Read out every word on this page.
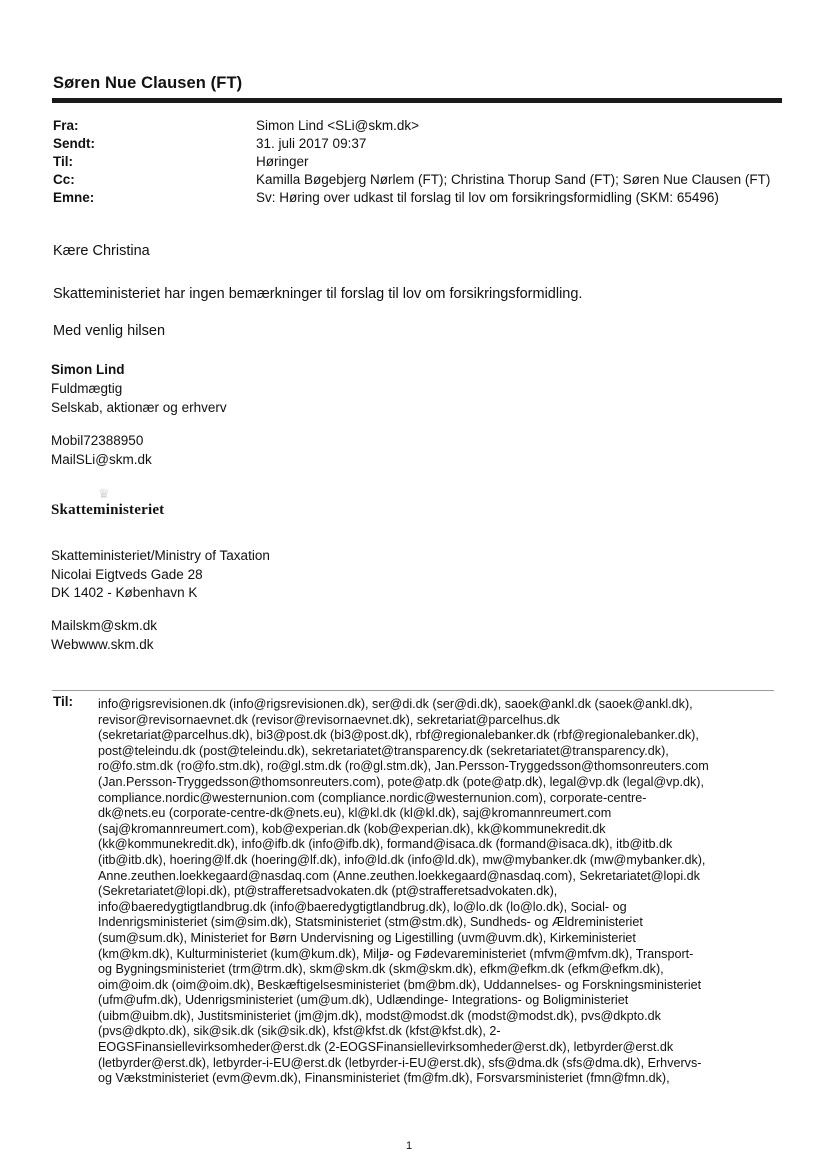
Søren Nue Clausen (FT)
Fra:	Simon Lind <SLi@skm.dk>
Sendt:	31. juli 2017 09:37
Til:	Høringer
Cc:	Kamilla Bøgebjerg Nørlem (FT); Christina Thorup Sand (FT); Søren Nue Clausen (FT)
Emne:	Sv: Høring over udkast til forslag til lov om forsikringsformidling (SKM: 65496)
Kære Christina
Skatteministeriet har ingen bemærkninger til forslag til lov om forsikringsformidling.
Med venlig hilsen
Simon Lind
Fuldmægtig
Selskab, aktionær og erhverv
Mobil72388950
MailSLi@skm.dk
♛
Skatteministeriet
Skatteministeriet/Ministry of Taxation
Nicolai Eigtveds Gade 28
DK 1402 - København K
Mailskm@skm.dk
Webwww.skm.dk
Til: info@rigsrevisionen.dk (info@rigsrevisionen.dk), ser@di.dk (ser@di.dk), saoek@ankl.dk (saoek@ankl.dk),
revisor@revisornaevnet.dk (revisor@revisornaevnet.dk), sekretariat@parcelhus.dk
(sekretariat@parcelhus.dk), bi3@post.dk (bi3@post.dk), rbf@regionalebanker.dk (rbf@regionalebanker.dk),
post@teleindu.dk (post@teleindu.dk), sekretariatet@transparency.dk (sekretariatet@transparency.dk),
ro@fo.stm.dk (ro@fo.stm.dk), ro@gl.stm.dk (ro@gl.stm.dk), Jan.Persson-Tryggedsson@thomsonreuters.com
(Jan.Persson-Tryggedsson@thomsonreuters.com), pote@atp.dk (pote@atp.dk), legal@vp.dk (legal@vp.dk),
compliance.nordic@westernunion.com (compliance.nordic@westernunion.com), corporate-centre-
dk@nets.eu (corporate-centre-dk@nets.eu), kl@kl.dk (kl@kl.dk), saj@kromannreumert.com
(saj@kromannreumert.com), kob@experian.dk (kob@experian.dk), kk@kommunekredit.dk
(kk@kommunekredit.dk), info@ifb.dk (info@ifb.dk), formand@isaca.dk (formand@isaca.dk), itb@itb.dk
(itb@itb.dk), hoering@lf.dk (hoering@lf.dk), info@ld.dk (info@ld.dk), mw@mybanker.dk (mw@mybanker.dk),
Anne.zeuthen.loekkegaard@nasdaq.com (Anne.zeuthen.loekkegaard@nasdaq.com), Sekretariatet@lopi.dk
(Sekretariatet@lopi.dk), pt@strafferetsadvokaten.dk (pt@strafferetsadvokaten.dk),
info@baeredygtigtlandbrug.dk (info@baeredygtigtlandbrug.dk), lo@lo.dk (lo@lo.dk), Social- og
Indenrigsministeriet (sim@sim.dk), Statsministeriet (stm@stm.dk), Sundheds- og Ældreministeriet
(sum@sum.dk), Ministeriet for Børn Undervisning og Ligestilling (uvm@uvm.dk), Kirkeministeriet
(km@km.dk), Kulturministeriet (kum@kum.dk), Miljø- og Fødevareministeriet (mfvm@mfvm.dk), Transport-
og Bygningsministeriet (trm@trm.dk), skm@skm.dk (skm@skm.dk), efkm@efkm.dk (efkm@efkm.dk),
oim@oim.dk (oim@oim.dk), Beskæftigelsesministeriet (bm@bm.dk), Uddannelses- og Forskningsministeriet
(ufm@ufm.dk), Udenrigsministeriet (um@um.dk), Udlændinge- Integrations- og Boligministeriet
(uibm@uibm.dk), Justitsministeriet (jm@jm.dk), modst@modst.dk (modst@modst.dk), pvs@dkpto.dk
(pvs@dkpto.dk), sik@sik.dk (sik@sik.dk), kfst@kfst.dk (kfst@kfst.dk), 2-
EOGSFinansiellevirksomheder@erst.dk (2-EOGSFinansiellevirksomheder@erst.dk), letbyrder@erst.dk
(letbyrder@erst.dk), letbyrder-i-EU@erst.dk (letbyrder-i-EU@erst.dk), sfs@dma.dk (sfs@dma.dk), Erhvervs-
og Vækstministeriet (evm@evm.dk), Finansministeriet (fm@fm.dk), Forsvarsministeriet (fmn@fmn.dk),
1
